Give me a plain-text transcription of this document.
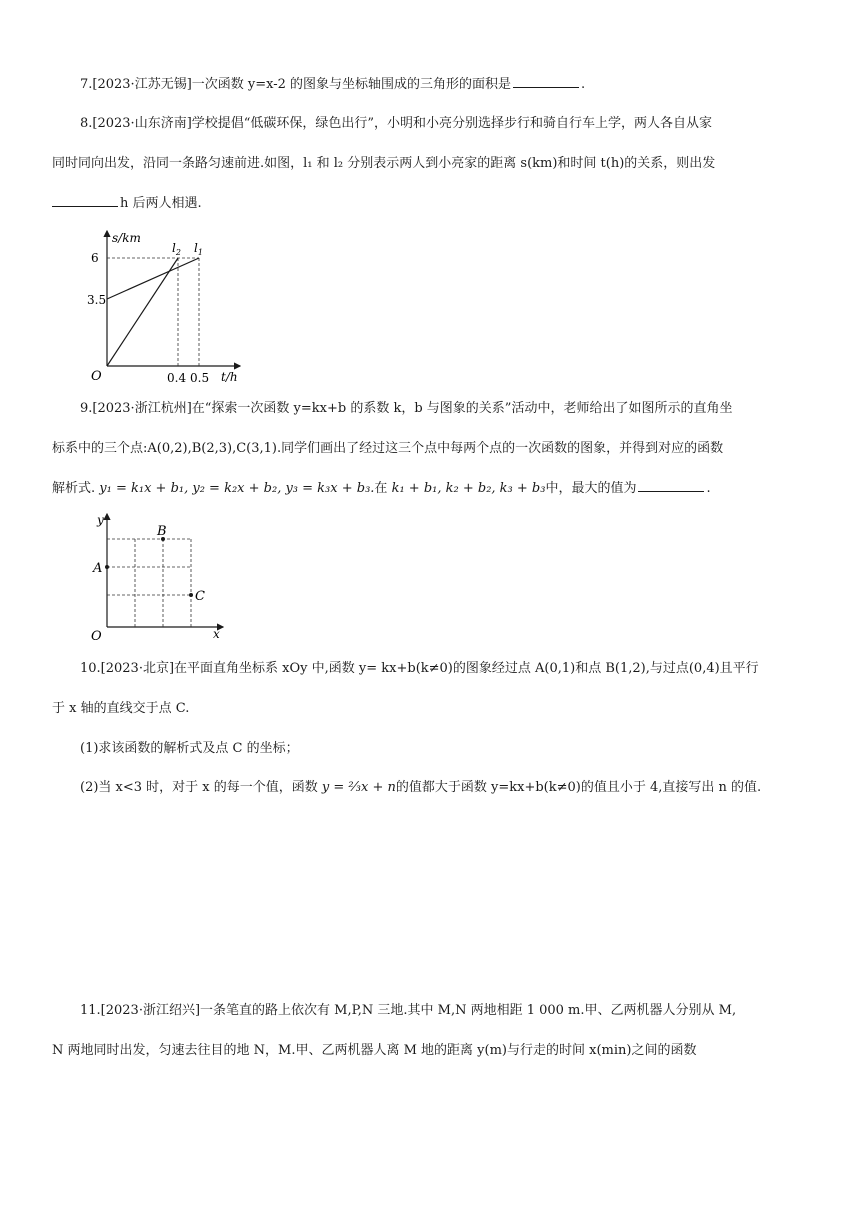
7.[2023·江苏无锡]一次函数 y=x-2 的图象与坐标轴围成的三角形的面积是	.
8.[2023·山东济南]学校提倡“低碳环保，绿色出行”，小明和小亮分别选择步行和骑自行车上学，两人各自从家
同时同向出发，沿同一条路匀速前进.如图，l₁ 和 l₂ 分别表示两人到小亮家的距离 s(km)和时间 t(h)的关系，则出发
h 后两人相遇.
s/km
t/h
O
6
3.5
0.4 0.5
$l_2$ $l_1$
9.[2023·浙江杭州]在“探索一次函数 y=kx+b 的系数 k，b 与图象的关系”活动中，老师给出了如图所示的直角坐
标系中的三个点:A(0,2),B(2,3),C(3,1).同学们画出了经过这三个点中每两个点的一次函数的图象，并得到对应的函数
解析式. y₁ = k₁x + b₁, y₂ = k₂x + b₂, y₃ = k₃x + b₃.在 k₁ + b₁, k₂ + b₂, k₃ + b₃中，最大的值为	.
y
x
O
A
B
C
10.[2023·北京]在平面直角坐标系 xOy 中,函数 y= kx+b(k≠0)的图象经过点 A(0,1)和点 B(1,2),与过点(0,4)且平行
于 x 轴的直线交于点 C.
(1)求该函数的解析式及点 C 的坐标；
(2)当 x<3 时，对于 x 的每一个值，函数 y = ²⁄₃x + n的值都大于函数 y=kx+b(k≠0)的值且小于 4,直接写出 n 的值.
11.[2023·浙江绍兴]一条笔直的路上依次有 M,P,N 三地.其中 M,N 两地相距 1 000 m.甲、乙两机器人分别从 M,
N 两地同时出发，匀速去往目的地 N，M.甲、乙两机器人离 M 地的距离 y(m)与行走的时间 x(min)之间的函数
